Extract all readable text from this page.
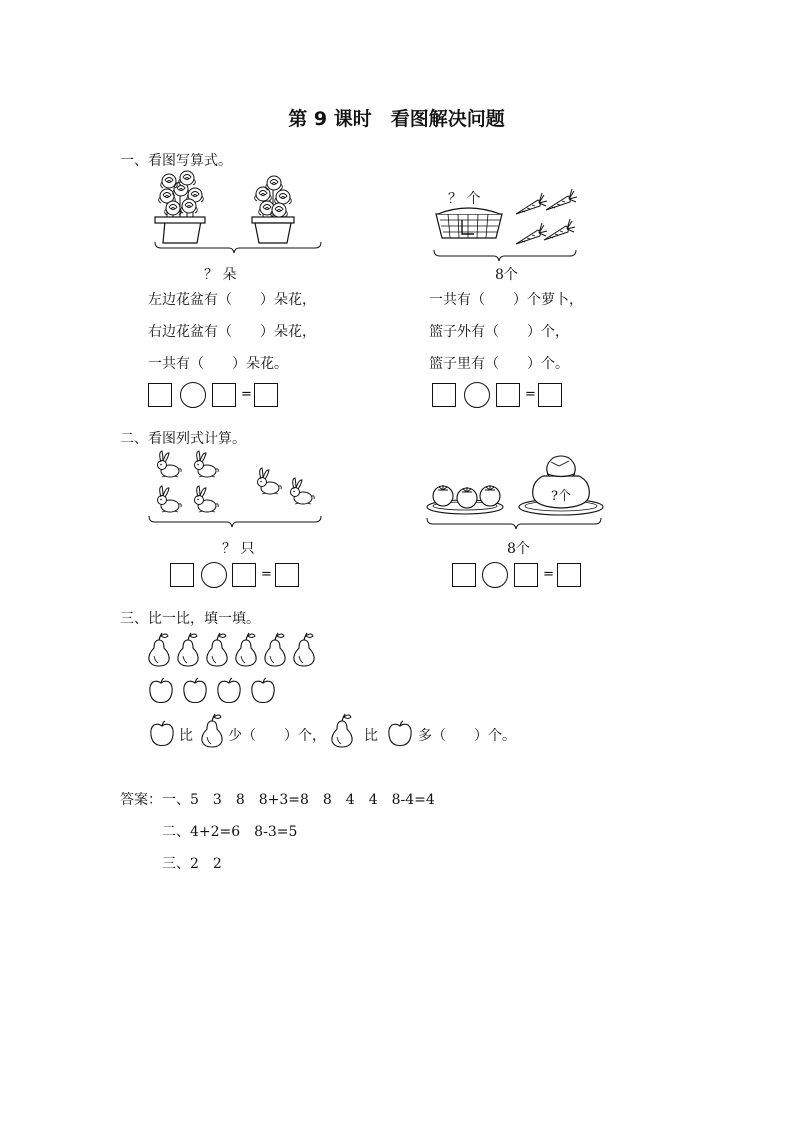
第 9 课时　看图解决问题
一、看图写算式。
？ 朵
？ 个
8个
左边花盆有（　　）朵花，
右边花盆有（　　）朵花，
一共有（　　）朵花。
一共有（　　）个萝卜，
篮子外有（　　）个，
篮子里有（　　）个。
=	=
二、看图列式计算。
？ 只
?个
8个
=	=
三、比一比，填一填。
比	少（　　）个，	比	多（　　）个。
答案：一、5　3　8　8+3=8　8　4　4　8-4=4
二、4+2=6　8-3=5
三、2　2
